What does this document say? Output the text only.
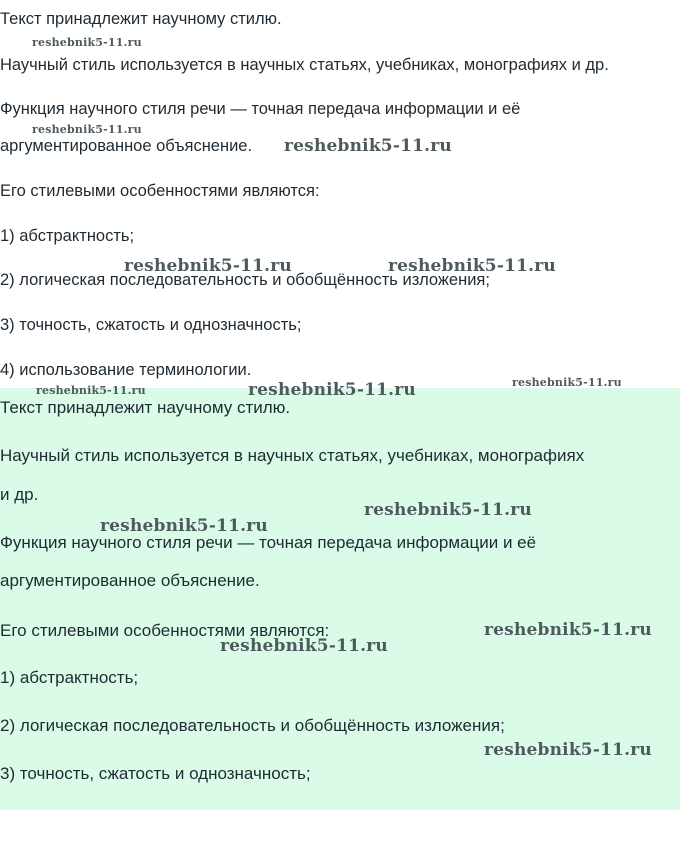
Текст принадлежит научному стилю.

Научный стиль используется в научных статьях, учебниках, монографиях и др.

Функция научного стиля речи — точная передача информации и её

аргументированное объяснение.

Его стилевыми особенностями являются:

1) абстрактность;

2) логическая последовательность и обобщённость изложения;

3) точность, сжатость и однозначность;

4) использование терминологии.

Текст принадлежит научному стилю.

Научный стиль используется в научных статьях, учебниках, монографиях

и др.

Функция научного стиля речи — точная передача информации и её

аргументированное объяснение.

Его стилевыми особенностями являются:

1) абстрактность;

2) логическая последовательность и обобщённость изложения;

3) точность, сжатость и однозначность;

reshebnik5-11.ru
reshebnik5-11.ru
reshebnik5-11.ru
reshebnik5-11.ru	reshebnik5-11.ru
reshebnik5-11.ru	reshebnik5-11.ru	reshebnik5-11.ru
reshebnik5-11.ru
reshebnik5-11.ru
reshebnik5-11.ru
reshebnik5-11.ru
reshebnik5-11.ru
